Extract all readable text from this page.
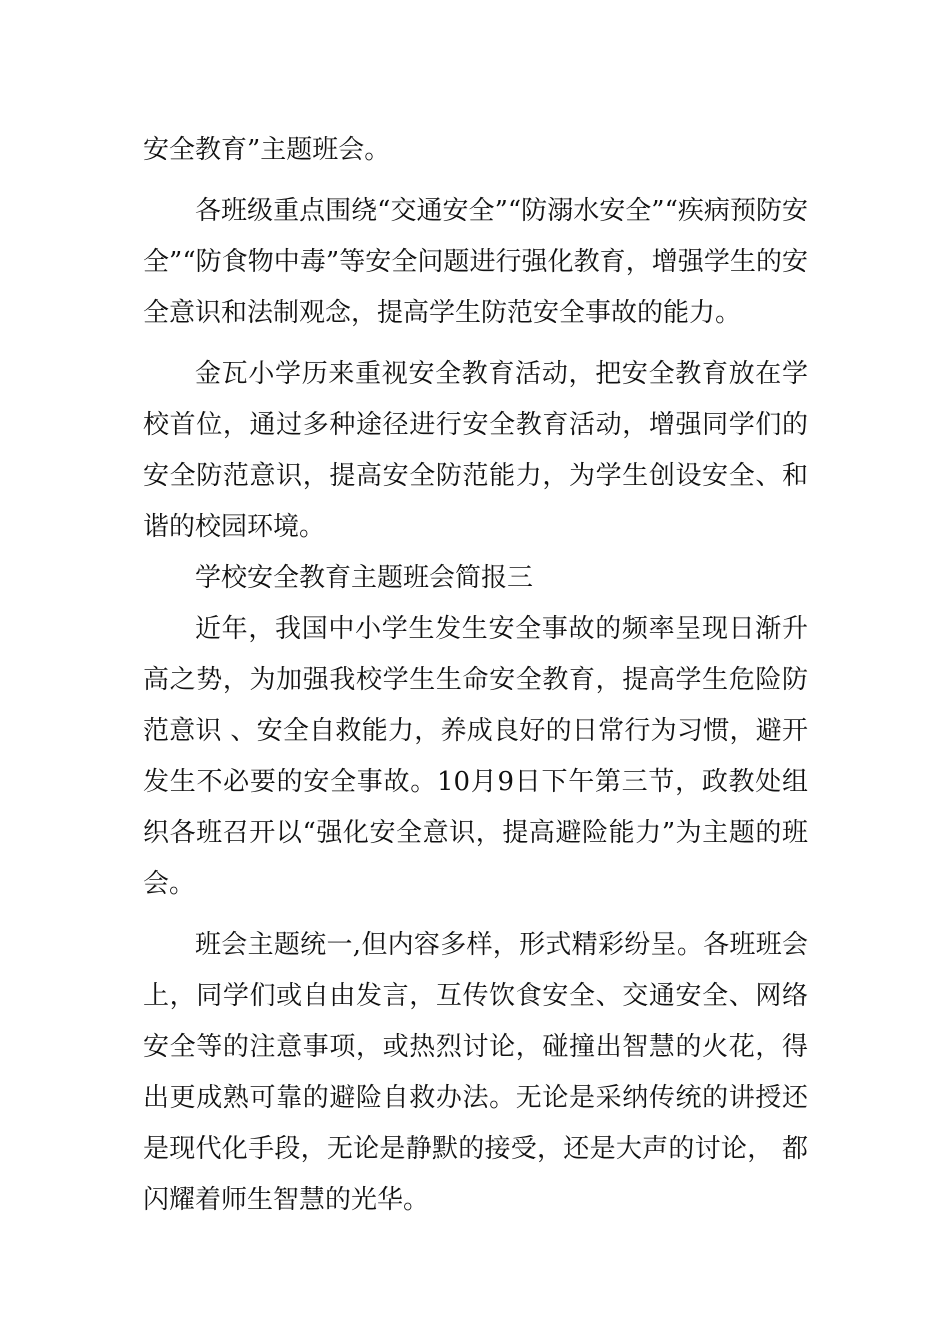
安全教育”主题班会。

各班级重点围绕“交通安全”“防溺水安全”“疾病预防安全”“防食物中毒”等安全问题进行强化教育，增强学生的安全意识和法制观念，提高学生防范安全事故的能力。

金瓦小学历来重视安全教育活动，把安全教育放在学校首位，通过多种途径进行安全教育活动，增强同学们的安全防范意识，提高安全防范能力，为学生创设安全、和谐的校园环境。

学校安全教育主题班会简报三

近年，我国中小学生发生安全事故的频率呈现日渐升高之势，为加强我校学生生命安全教育，提高学生危险防范意识 、安全自救能力，养成良好的日常行为习惯，避开发生不必要的安全事故。10月9日下午第三节，政教处组织各班召开以“强化安全意识，提高避险能力”为主题的班会。

班会主题统一,但内容多样，形式精彩纷呈。各班班会上，同学们或自由发言，互传饮食安全、交通安全、网络安全等的注意事项，或热烈讨论，碰撞出智慧的火花，得出更成熟可靠的避险自救办法。无论是采纳传统的讲授还是现代化手段，无论是静默的接受，还是大声的讨论， 都闪耀着师生智慧的光华。
